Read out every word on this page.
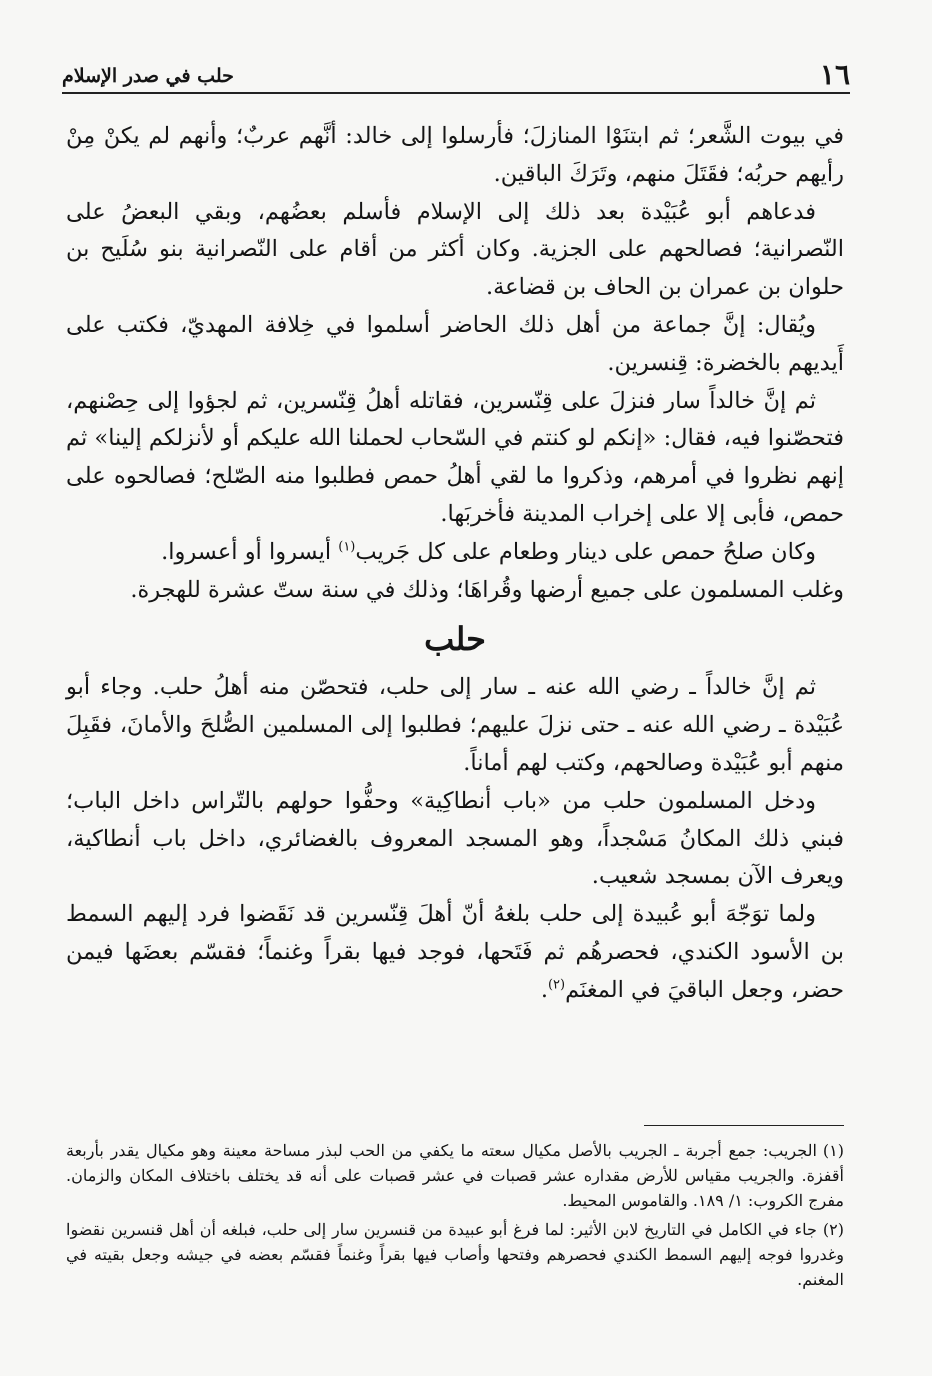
١٦
حلب في صدر الإسلام

في بيوت الشَّعر؛ ثم ابتنَوْا المنازلَ؛ فأرسلوا إلى خالد: أنَّهم عربٌ؛ وأنهم لم يكنْ مِنْ رأيهم حربُه؛ فقَتَلَ منهم، وتَرَكَ الباقين.

فدعاهم أبو عُبَيْدة بعد ذلك إلى الإسلام فأسلم بعضُهم، وبقي البعضُ على النّصرانية؛ فصالحهم على الجزية. وكان أكثر من أقام على النّصرانية بنو سُلَيح بن حلوان بن عمران بن الحاف بن قضاعة.

ويُقال: إنَّ جماعة من أهل ذلك الحاضر أسلموا في خِلافة المهديّ، فكتب على أَيديهم بالخضرة: قِنسرين.

ثم إنَّ خالداً سار فنزلَ على قِنّسرين، فقاتله أهلُ قِنّسرين، ثم لجؤوا إلى حِصْنهم، فتحصّنوا فيه، فقال: «إنكم لو كنتم في السّحاب لحملنا الله عليكم أو لأنزلكم إلينا» ثم إنهم نظروا في أمرهم، وذكروا ما لقي أهلُ حمص فطلبوا منه الصّلح؛ فصالحوه على حمص، فأبى إلا على إخراب المدينة فأخربَها.

وكان صلحُ حمص على دينار وطعام على كل جَريب$^{(١)}$ أيسروا أو أعسروا.

وغلب المسلمون على جميع أرضها وقُراهَا؛ وذلك في سنة ستّ عشرة للهجرة.

حلب

ثم إنَّ خالداً ـ رضي الله عنه ـ سار إلى حلب، فتحصّن منه أهلُ حلب. وجاء أبو عُبَيْدة ـ رضي الله عنه ـ حتى نزلَ عليهم؛ فطلبوا إلى المسلمين الصُّلحَ والأمانَ، فقَبِلَ منهم أبو عُبَيْدة وصالحهم، وكتب لهم أماناً.

ودخل المسلمون حلب من «باب أنطاكِية» وحفُّوا حولهم بالتّراس داخل الباب؛ فبني ذلك المكانُ مَسْجداً، وهو المسجد المعروف بالغضائري، داخل باب أنطاكية، ويعرف الآن بمسجد شعيب.

ولما توَجّهَ أبو عُبيدة إلى حلب بلغهُ أنّ أهلَ قِنّسرين قد نَقَضوا فرد إليهم السمط بن الأسود الكندي، فحصرهُم ثم فَتَحها، فوجد فيها بقراً وغنماً؛ فقسّم بعضَها فيمن حضر، وجعل الباقيَ في المغنَم$^{(٢)}$.

(١)الجريب: جمع أجربة ـ الجريب بالأصل مكيال سعته ما يكفي من الحب لبذر مساحة معينة وهو مكيال يقدر بأربعة أقفزة. والجريب مقياس للأرض مقداره عشر قصبات في عشر قصبات على أنه قد يختلف باختلاف المكان والزمان. مفرج الكروب: ١/ ١٨٩. والقاموس المحيط.

(٢)جاء في الكامل في التاريخ لابن الأثير: لما فرغ أبو عبيدة من قنسرين سار إلى حلب، فبلغه أن أهل قنسرين نقضوا وغدروا فوجه إليهم السمط الكندي فحصرهم وفتحها وأصاب فيها بقراً وغنماً فقسّم بعضه في جيشه وجعل بقيته في المغنم.
